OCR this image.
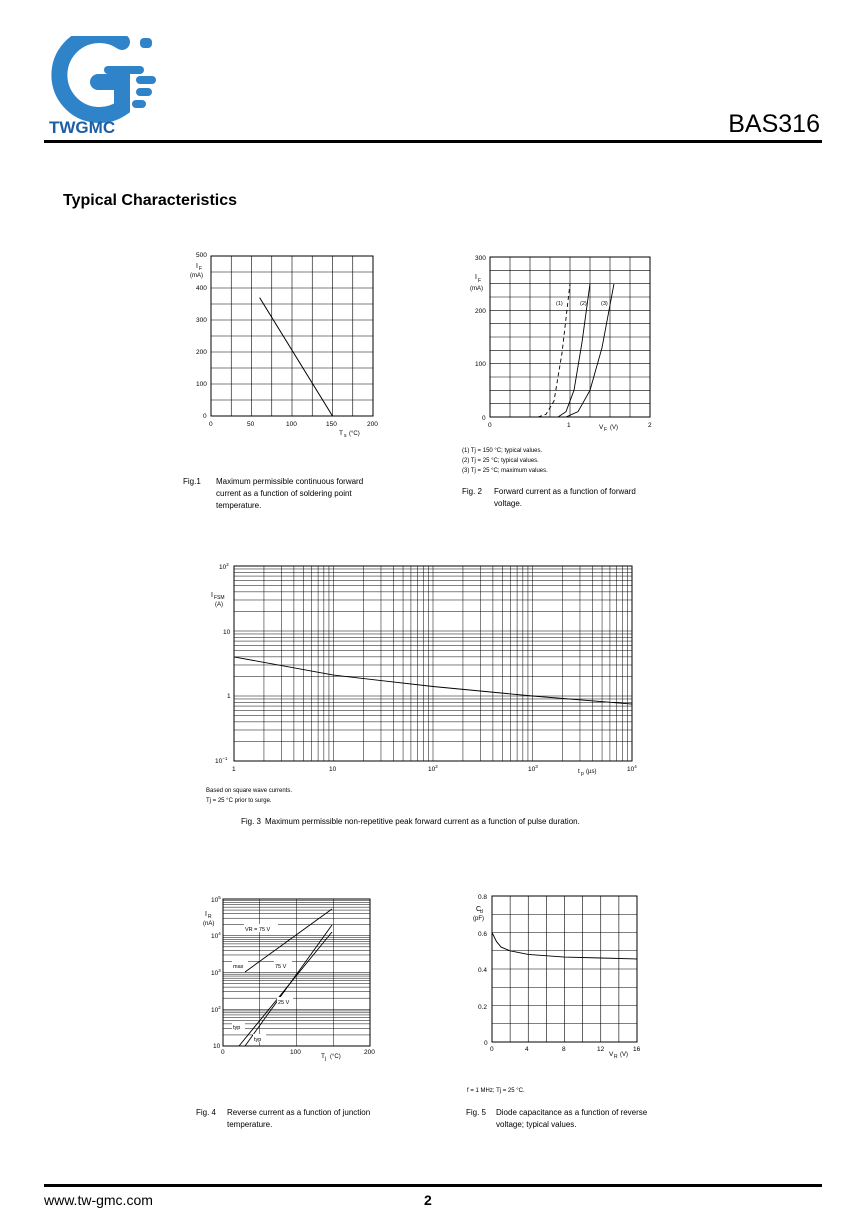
TWGMC	BAS316
Typical Characteristics
500
400
300
200
100
0
I F
(mA)
0	50	100	150	200
T s (°C)
Fig.1 Maximum permissible continuous forward
current as a function of soldering point
temperature.
(1)	(2)	(3)
300
200
100
0
I F
(mA)
0	1	2
V F (V)
(1) Tj = 150 °C; typical values.
(2) Tj = 25 °C; typical values.
(3) Tj = 25 °C; maximum values.
Fig. 2 Forward current as a function of forward
voltage.
$10^2$
10
1
$10^{-1}$
I FSM
(A)
1	10	$10^2$	$10^3$	$10^4$
t p (µs)
Based on square wave currents.
Tj = 25 °C prior to surge.
Fig. 3 Maximum permissible non-repetitive peak forward current as a function of pulse duration.
VR = 75 V
max	75 V
25 V
typ
typ
$10^5$
$10^4$
$10^3$
$10^2$
10
I R
(nA)
0	100	200
T j (°C)
Fig. 4 Reverse current as a function of junction
temperature.
0.8
0.6
0.4
0.2
0
C
d
(pF)
0	4	8	12	16
V R (V)
f = 1 MHz; Tj = 25 °C.
Fig. 5 Diode capacitance as a function of reverse
voltage; typical values.
www.tw-gmc.com	2
